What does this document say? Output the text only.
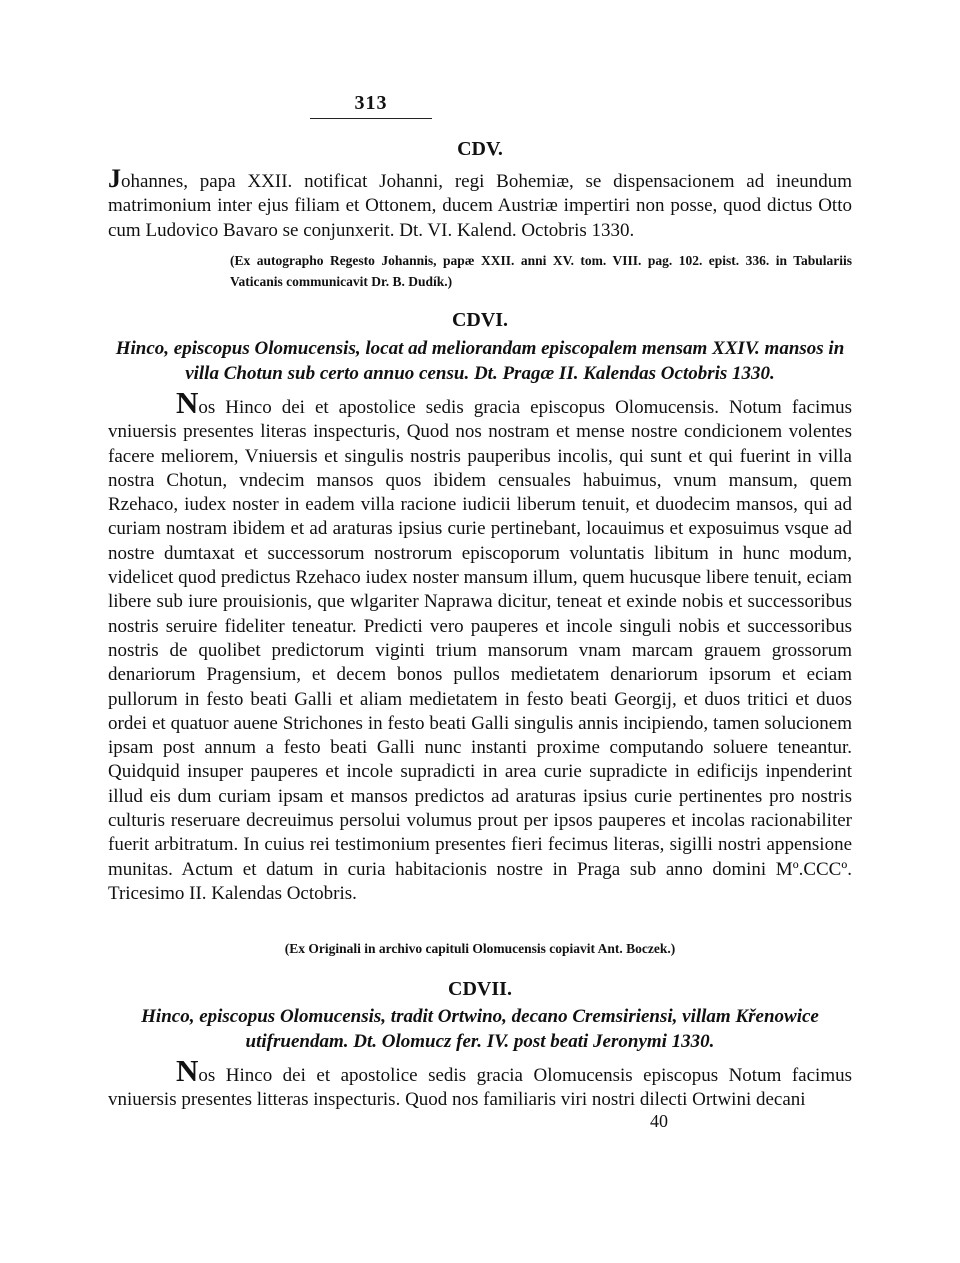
313
CDV.
Johannes, papa XXII. notificat Johanni, regi Bohemiæ, se dispensacionem ad ineundum matrimonium inter ejus filiam et Ottonem, ducem Austriæ impertiri non posse, quod dictus Otto cum Ludovico Bavaro se conjunxerit. Dt. VI. Kalend. Octobris 1330.
(Ex autographo Regesto Johannis, papæ XXII. anni XV. tom. VIII. pag. 102. epist. 336. in Tabulariis Vaticanis communicavit Dr. B. Dudík.)
CDVI.
Hinco, episcopus Olomucensis, locat ad meliorandam episcopalem mensam XXIV. mansos in villa Chotun sub certo annuo censu. Dt. Pragæ II. Kalendas Octobris 1330.
Nos Hinco dei et apostolice sedis gracia episcopus Olomucensis. Notum facimus vniuersis presentes literas inspecturis, Quod nos nostram et mense nostre condicionem volentes facere meliorem, Vniuersis et singulis nostris pauperibus incolis, qui sunt et qui fuerint in villa nostra Chotun, vndecim mansos quos ibidem censuales habuimus, vnum mansum, quem Rzehaco, iudex noster in eadem villa racione iudicii liberum tenuit, et duodecim mansos, qui ad curiam nostram ibidem et ad araturas ipsius curie pertinebant, locauimus et exposuimus vsque ad nostre dumtaxat et successorum nostrorum episcoporum voluntatis libitum in hunc modum, videlicet quod predictus Rzehaco iudex noster mansum illum, quem hucusque libere tenuit, eciam libere sub iure prouisionis, que wlgariter Naprawa dicitur, teneat et exinde nobis et successoribus nostris seruire fideliter teneatur. Predicti vero pauperes et incole singuli nobis et successoribus nostris de quolibet predictorum viginti trium mansorum vnam marcam grauem grossorum denariorum Pragensium, et decem bonos pullos medietatem denariorum ipsorum et eciam pullorum in festo beati Galli et aliam medietatem in festo beati Georgij, et duos tritici et duos ordei et quatuor auene Strichones in festo beati Galli singulis annis incipiendo, tamen solucionem ipsam post annum a festo beati Galli nunc instanti proxime computando soluere teneantur. Quidquid insuper pauperes et incole supradicti in area curie supradicte in edificijs inpenderint illud eis dum curiam ipsam et mansos predictos ad araturas ipsius curie pertinentes pro nostris culturis reseruare decreuimus persolui volumus prout per ipsos pauperes et incolas racionabiliter fuerit arbitratum. In cuius rei testimonium presentes fieri fecimus literas, sigilli nostri appensione munitas. Actum et datum in curia habitacionis nostre in Praga sub anno domini Mº.CCCº. Tricesimo II. Kalendas Octobris.
(Ex Originali in archivo capituli Olomucensis copiavit Ant. Boczek.)
CDVII.
Hinco, episcopus Olomucensis, tradit Ortwino, decano Cremsiriensi, villam Křenowice utifruendam. Dt. Olomucz fer. IV. post beati Jeronymi 1330.
Nos Hinco dei et apostolice sedis gracia Olomucensis episcopus Notum facimus vniuersis presentes litteras inspecturis. Quod nos familiaris viri nostri dilecti Ortwini decani
40
